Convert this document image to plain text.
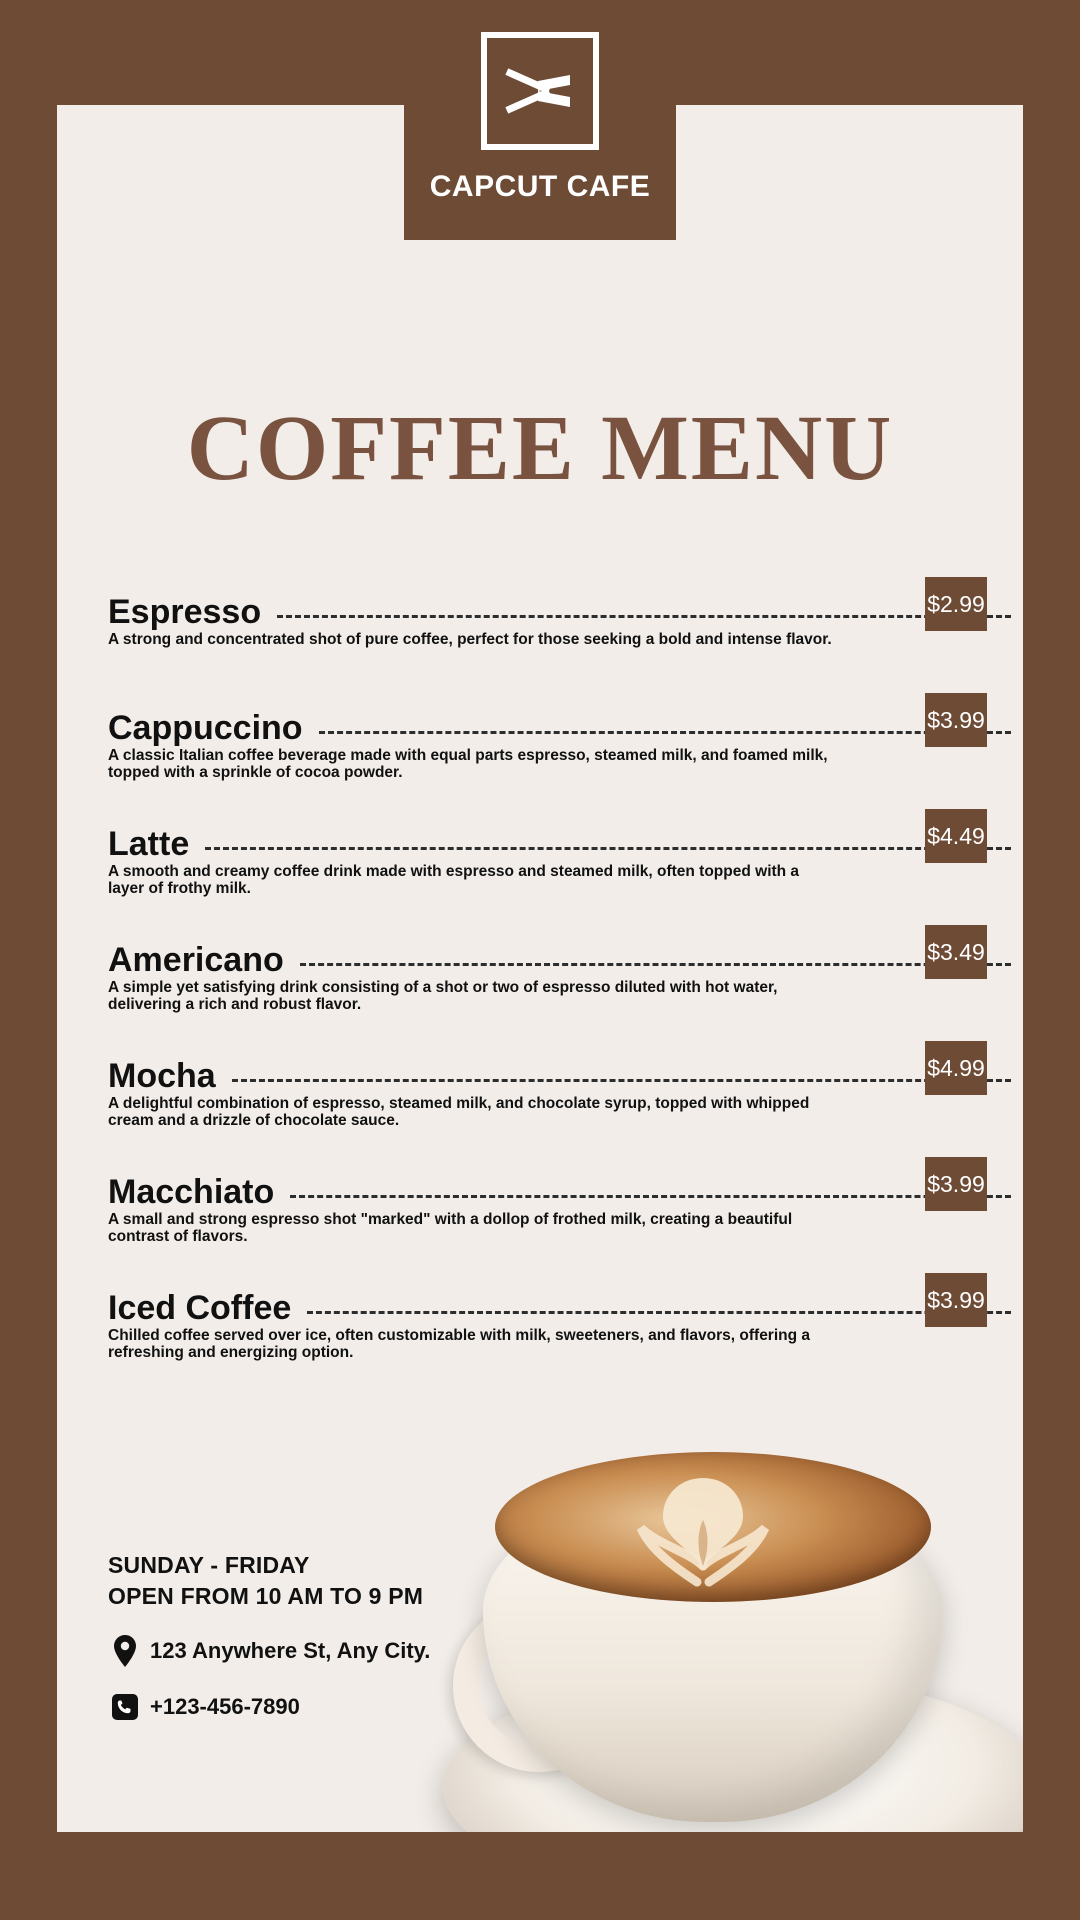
COFFEE MENU
Espresso	$2.99
A strong and concentrated shot of pure coffee, perfect for those seeking a bold and intense flavor.
Cappuccino	$3.99
A classic Italian coffee beverage made with equal parts espresso, steamed milk, and foamed milk, topped with a sprinkle of cocoa powder.
Latte	$4.49
A smooth and creamy coffee drink made with espresso and steamed milk, often topped with a layer of frothy milk.
Americano	$3.49
A simple yet satisfying drink consisting of a shot or two of espresso diluted with hot water, delivering a rich and robust flavor.
Mocha	$4.99
A delightful combination of espresso, steamed milk, and chocolate syrup, topped with whipped cream and a drizzle of chocolate sauce.
Macchiato	$3.99
A small and strong espresso shot "marked" with a dollop of frothed milk, creating a beautiful contrast of flavors.
Iced Coffee	$3.99
Chilled coffee served over ice, often customizable with milk, sweeteners, and flavors, offering a refreshing and energizing option.
SUNDAY - FRIDAY
OPEN FROM 10 AM TO 9 PM
123 Anywhere St, Any City.
+123-456-7890
CAPCUT CAFE
